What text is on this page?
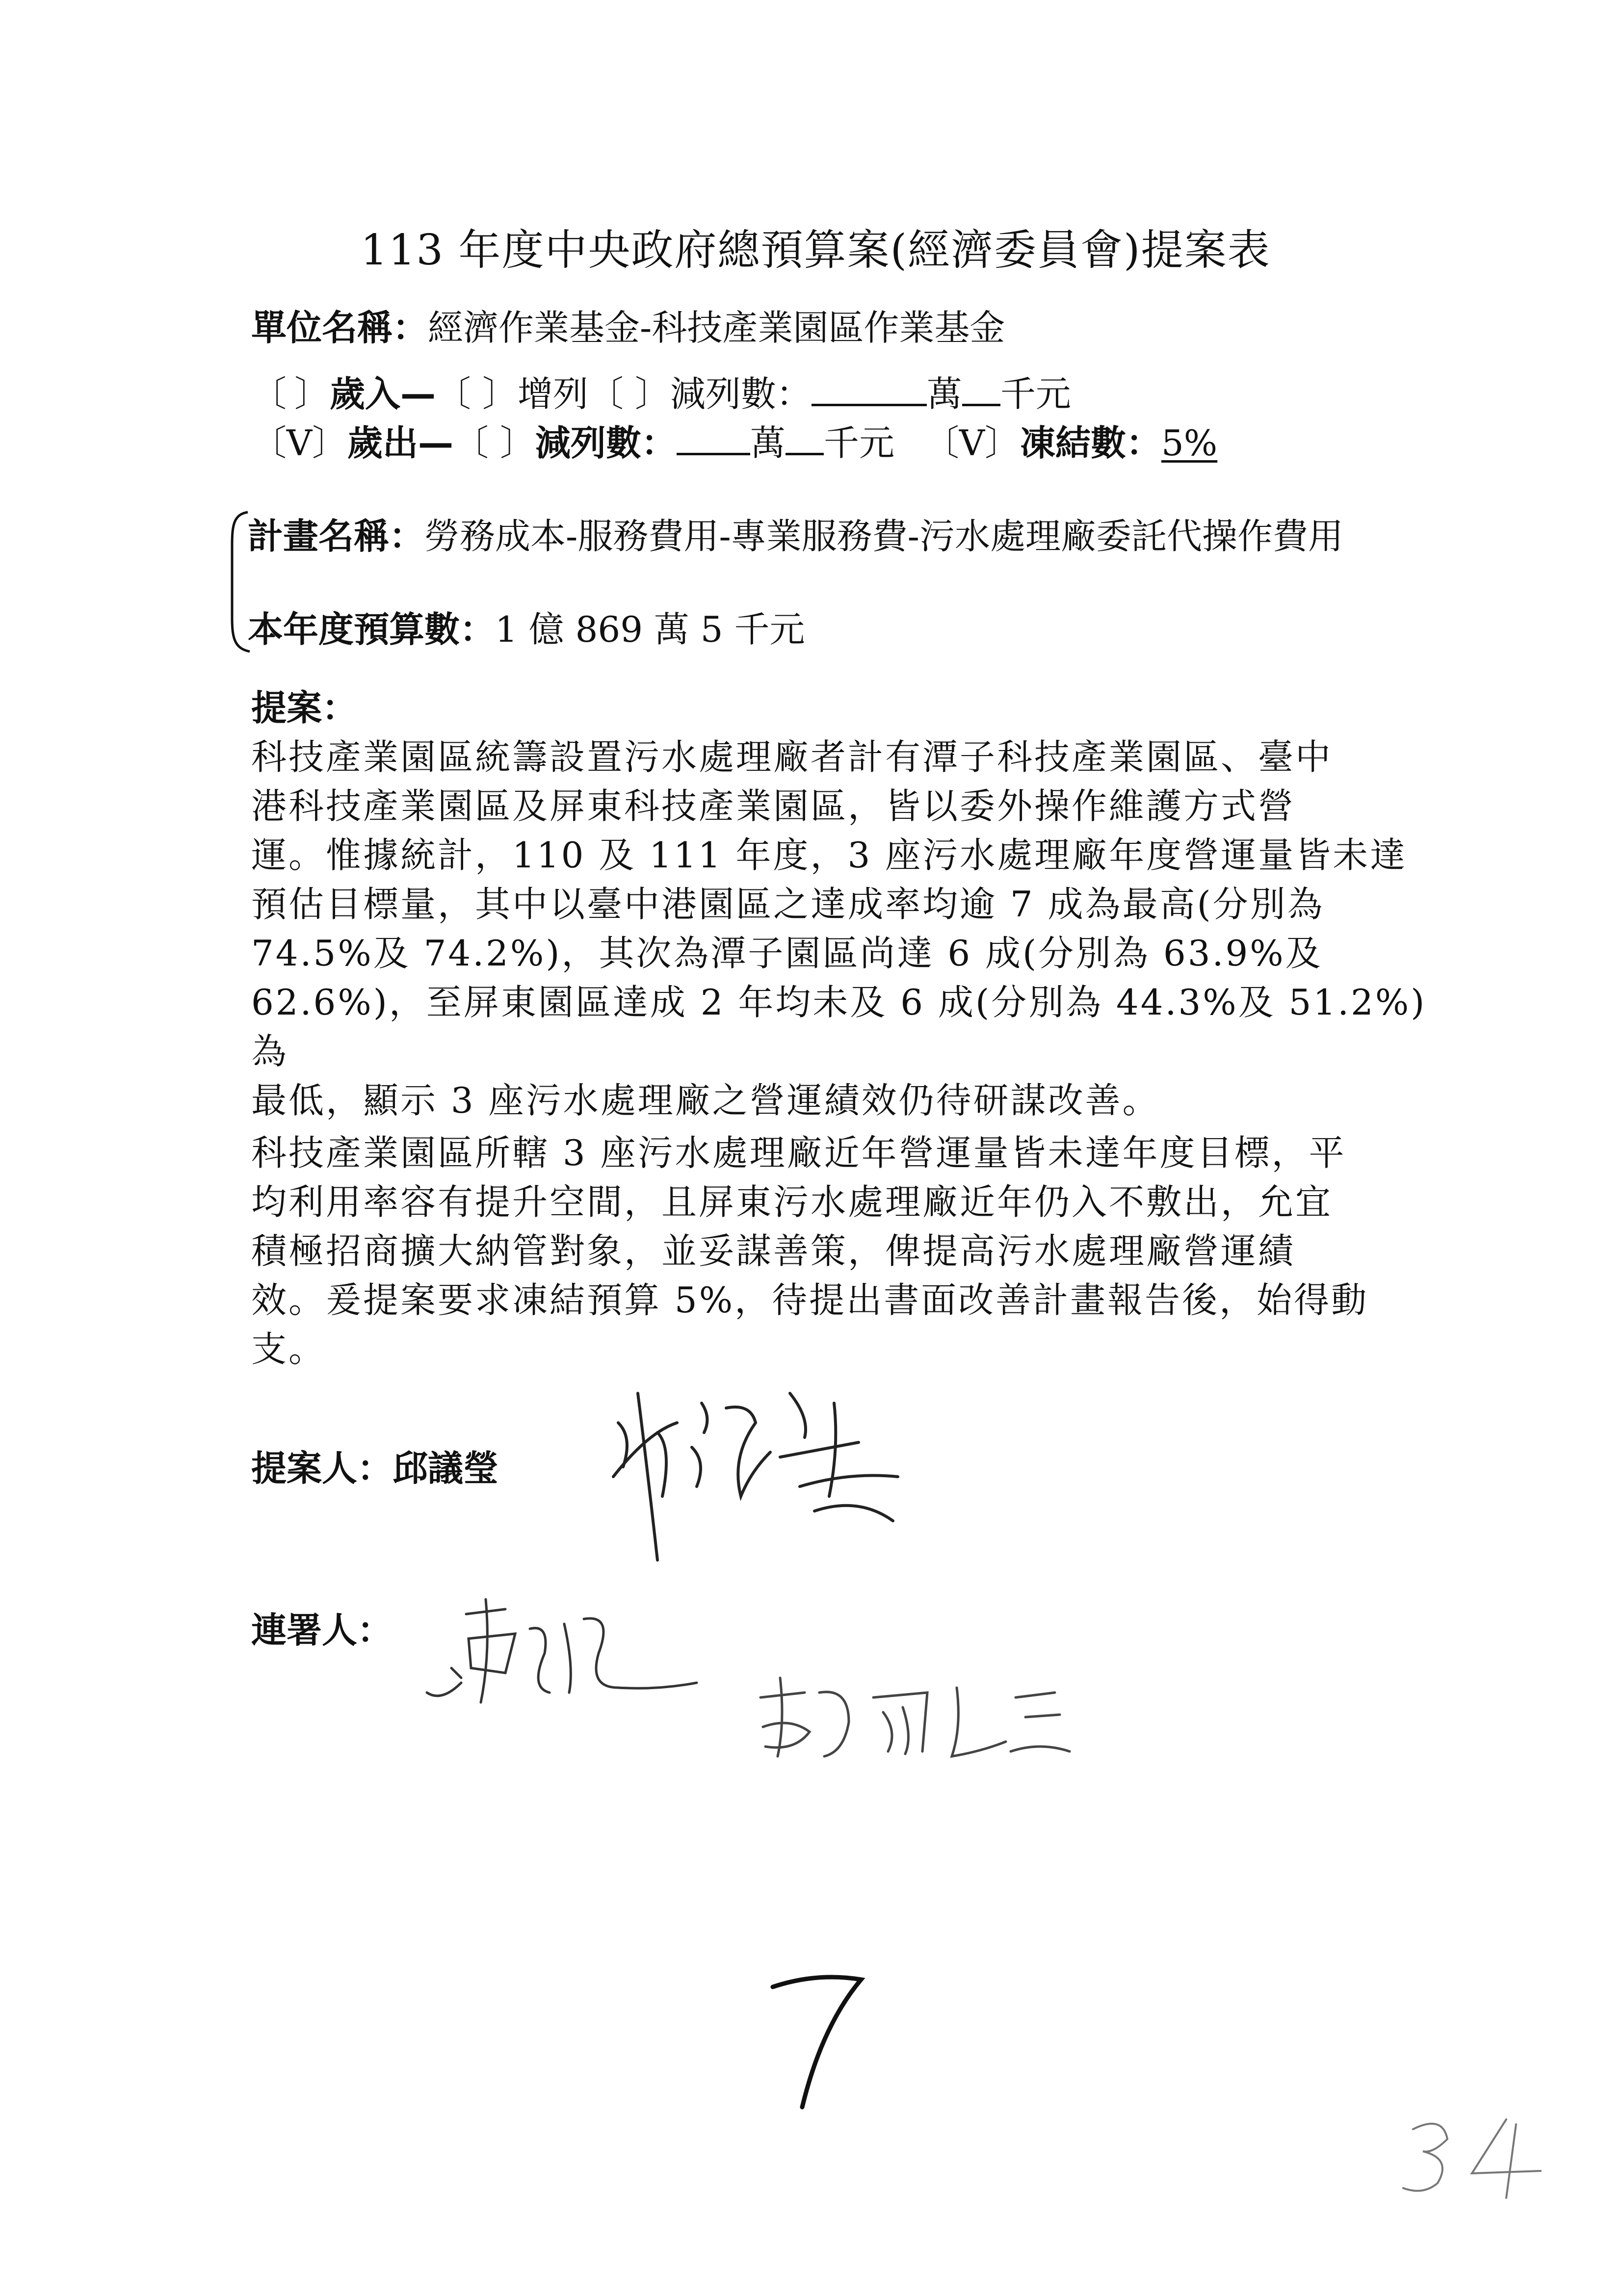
113 年度中央政府總預算案(經濟委員會)提案表
單位名稱：經濟作業基金-科技產業園區作業基金
〔 〕歲入—〔 〕增列〔 〕減列數：	萬 千元
〔V〕歲出—〔 〕減列數： 萬 千元 〔V〕凍結數：5%
計畫名稱：勞務成本-服務費用-專業服務費-污水處理廠委託代操作費用
本年度預算數：1 億 869 萬 5 千元
提案：

科技產業園區統籌設置污水處理廠者計有潭子科技產業園區、臺中

港科技產業園區及屏東科技產業園區，皆以委外操作維護方式營

運。惟據統計，110 及 111 年度，3 座污水處理廠年度營運量皆未達

預估目標量，其中以臺中港園區之達成率均逾 7 成為最高(分別為

74.5%及 74.2%)，其次為潭子園區尚達 6 成(分別為 63.9%及

62.6%)，至屏東園區達成 2 年均未及 6 成(分別為 44.3%及 51.2%)為

最低，顯示 3 座污水處理廠之營運績效仍待研謀改善。

科技產業園區所轄 3 座污水處理廠近年營運量皆未達年度目標，平

均利用率容有提升空間，且屏東污水處理廠近年仍入不敷出，允宜

積極招商擴大納管對象，並妥謀善策，俾提高污水處理廠營運績

效。爰提案要求凍結預算 5%，待提出書面改善計畫報告後，始得動

支。

提案人：邱議瑩
連署人：
